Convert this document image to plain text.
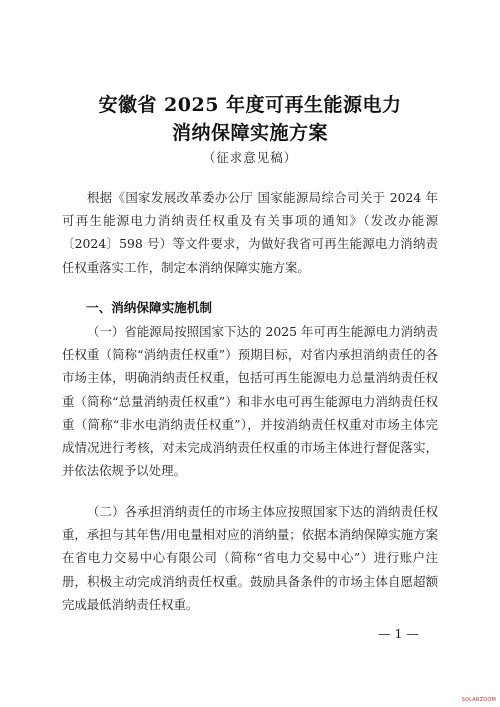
安徽省 2025 年度可再生能源电力
消纳保障实施方案
（征求意见稿）
根据《国家发展改革委办公厅 国家能源局综合司关于 2024 年可再生能源电力消纳责任权重及有关事项的通知》（发改办能源〔2024〕598 号）等文件要求，为做好我省可再生能源电力消纳责任权重落实工作，制定本消纳保障实施方案。
一、消纳保障实施机制
（一）省能源局按照国家下达的 2025 年可再生能源电力消纳责任权重（简称“消纳责任权重”）预期目标，对省内承担消纳责任的各市场主体，明确消纳责任权重，包括可再生能源电力总量消纳责任权重（简称“总量消纳责任权重”）和非水电可再生能源电力消纳责任权重（简称“非水电消纳责任权重”），并按消纳责任权重对市场主体完成情况进行考核，对未完成消纳责任权重的市场主体进行督促落实，并依法依规予以处理。
（二）各承担消纳责任的市场主体应按照国家下达的消纳责任权重，承担与其年售/用电量相对应的消纳量；依据本消纳保障实施方案在省电力交易中心有限公司（简称“省电力交易中心”）进行账户注册，积极主动完成消纳责任权重。鼓励具备条件的市场主体自愿超额完成最低消纳责任权重。
— 1 —
SOLARZOOM
